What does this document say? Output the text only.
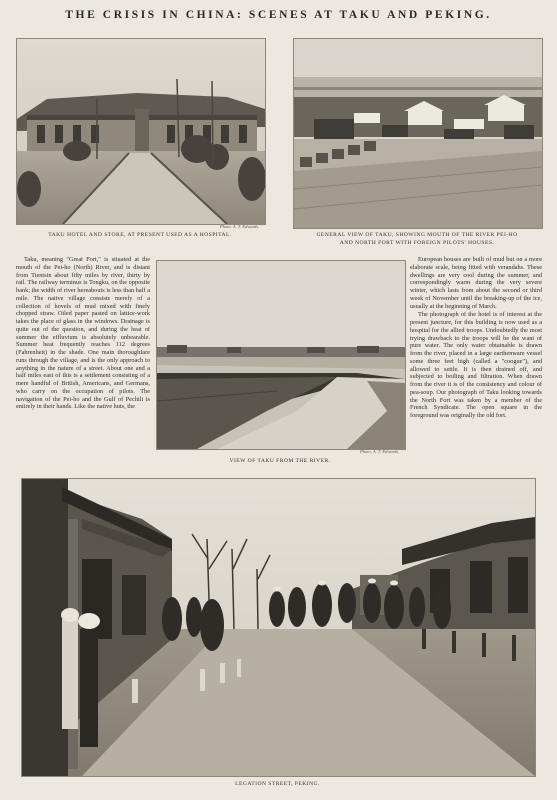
THE CRISIS IN CHINA: SCENES AT TAKU AND PEKING.
Photo. A. T. Edwards.
TAKU HOTEL AND STORE, AT PRESENT USED AS A HOSPITAL.	GENERAL VIEW OF TAKU, SHOWING MOUTH OF THE RIVER PEI-HO
AND NORTH FORT WITH FOREIGN PILOTS' HOUSES.

Taku, meaning "Great Fort," is situated at the mouth of the Pei-ho (North) River, and is distant from Tientsin about fifty miles by river, thirty by rail. The railway terminus is Tongku, on the opposite bank; the width of river hereabouts is less than half a mile. The native village consists merely of a collection of hovels of mud mixed with finely chopped straw. Oiled paper pasted on lattice-work takes the place of glass in the windows. Drainage is quite out of the question, and during the heat of summer the effluvium is absolutely unbearable. Summer heat frequently reaches 112 degrees (Fahrenheit) in the shade. One main thoroughfare runs through the village, and is the only approach to anything in the nature of a street. About one and a half miles east of this is a settlement consisting of a mere handful of British, Americans, and Germans, who carry on the occupation of pilots. The navigation of the Pei-ho and the Gulf of Pechili is entirely in their hands. Like the native huts, the

Photo. A. T. Edwards.
VIEW OF TAKU FROM THE RIVER.

European houses are built of mud but on a more elaborate scale, being fitted with verandahs. These dwellings are very cool during the summer, and correspondingly warm during the very severe winter, which lasts from about the second or third week of November until the breaking-up of the ice, usually at the beginning of March.

The photograph of the hotel is of interest at the present juncture, for this building is now used as a hospital for the allied troops. Undoubtedly the most trying drawback to the troops will be the want of pure water. The only water obtainable is drawn from the river, placed in a large earthenware vessel some three feet high (called a "coogue"), and allowed to settle. It is then drained off, and subjected to boiling and filtration. When drawn from the river it is of the consistency and colour of pea-soup. Our photograph of Taku looking towards the North Fort was taken by a member of the French Syndicate. The open square in the foreground was originally the old fort.

LEGATION STREET, PEKING.
